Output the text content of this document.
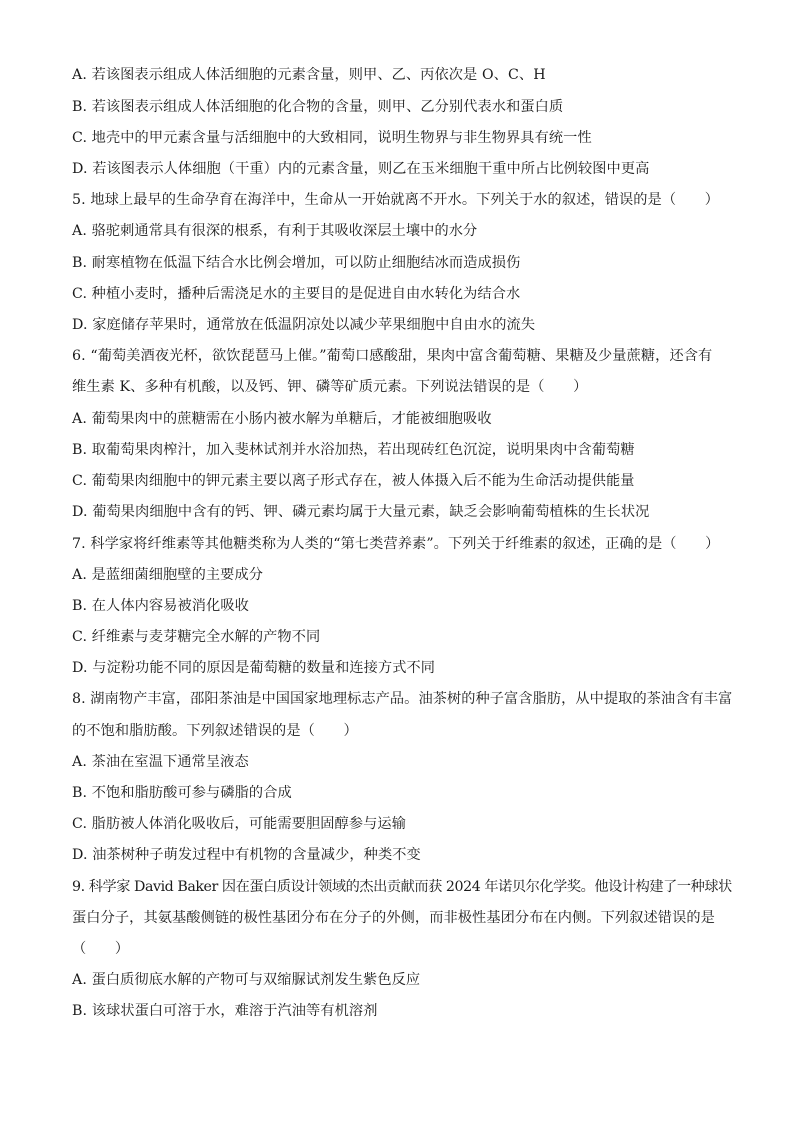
A. 若该图表示组成人体活细胞的元素含量，则甲、乙、丙依次是 O、C、H
B. 若该图表示组成人体活细胞的化合物的含量，则甲、乙分别代表水和蛋白质
C. 地壳中的甲元素含量与活细胞中的大致相同，说明生物界与非生物界具有统一性
D. 若该图表示人体细胞（干重）内的元素含量，则乙在玉米细胞干重中所占比例较图中更高
5. 地球上最早的生命孕育在海洋中，生命从一开始就离不开水。下列关于水的叙述，错误的是（　　）
A. 骆驼刺通常具有很深的根系，有利于其吸收深层土壤中的水分
B. 耐寒植物在低温下结合水比例会增加，可以防止细胞结冰而造成损伤
C. 种植小麦时，播种后需浇足水的主要目的是促进自由水转化为结合水
D. 家庭储存苹果时，通常放在低温阴凉处以减少苹果细胞中自由水的流失
6. “葡萄美酒夜光杯，欲饮琵琶马上催。”葡萄口感酸甜，果肉中富含葡萄糖、果糖及少量蔗糖，还含有
维生素 K、多种有机酸，以及钙、钾、磷等矿质元素。下列说法错误的是（　　）
A. 葡萄果肉中的蔗糖需在小肠内被水解为单糖后，才能被细胞吸收
B. 取葡萄果肉榨汁，加入斐林试剂并水浴加热，若出现砖红色沉淀，说明果肉中含葡萄糖
C. 葡萄果肉细胞中的钾元素主要以离子形式存在，被人体摄入后不能为生命活动提供能量
D. 葡萄果肉细胞中含有的钙、钾、磷元素均属于大量元素，缺乏会影响葡萄植株的生长状况
7. 科学家将纤维素等其他糖类称为人类的“第七类营养素”。下列关于纤维素的叙述，正确的是（　　）
A. 是蓝细菌细胞壁的主要成分
B. 在人体内容易被消化吸收
C. 纤维素与麦芽糖完全水解的产物不同
D. 与淀粉功能不同的原因是葡萄糖的数量和连接方式不同
8. 湖南物产丰富，邵阳茶油是中国国家地理标志产品。油茶树的种子富含脂肪，从中提取的茶油含有丰富
的不饱和脂肪酸。下列叙述错误的是（　　）
A. 茶油在室温下通常呈液态
B. 不饱和脂肪酸可参与磷脂的合成
C. 脂肪被人体消化吸收后，可能需要胆固醇参与运输
D. 油茶树种子萌发过程中有机物的含量减少，种类不变
9. 科学家 David Baker 因在蛋白质设计领域的杰出贡献而获 2024 年诺贝尔化学奖。他设计构建了一种球状
蛋白分子，其氨基酸侧链的极性基团分布在分子的外侧，而非极性基团分布在内侧。下列叙述错误的是
（　　）
A. 蛋白质彻底水解的产物可与双缩脲试剂发生紫色反应
B. 该球状蛋白可溶于水，难溶于汽油等有机溶剂
